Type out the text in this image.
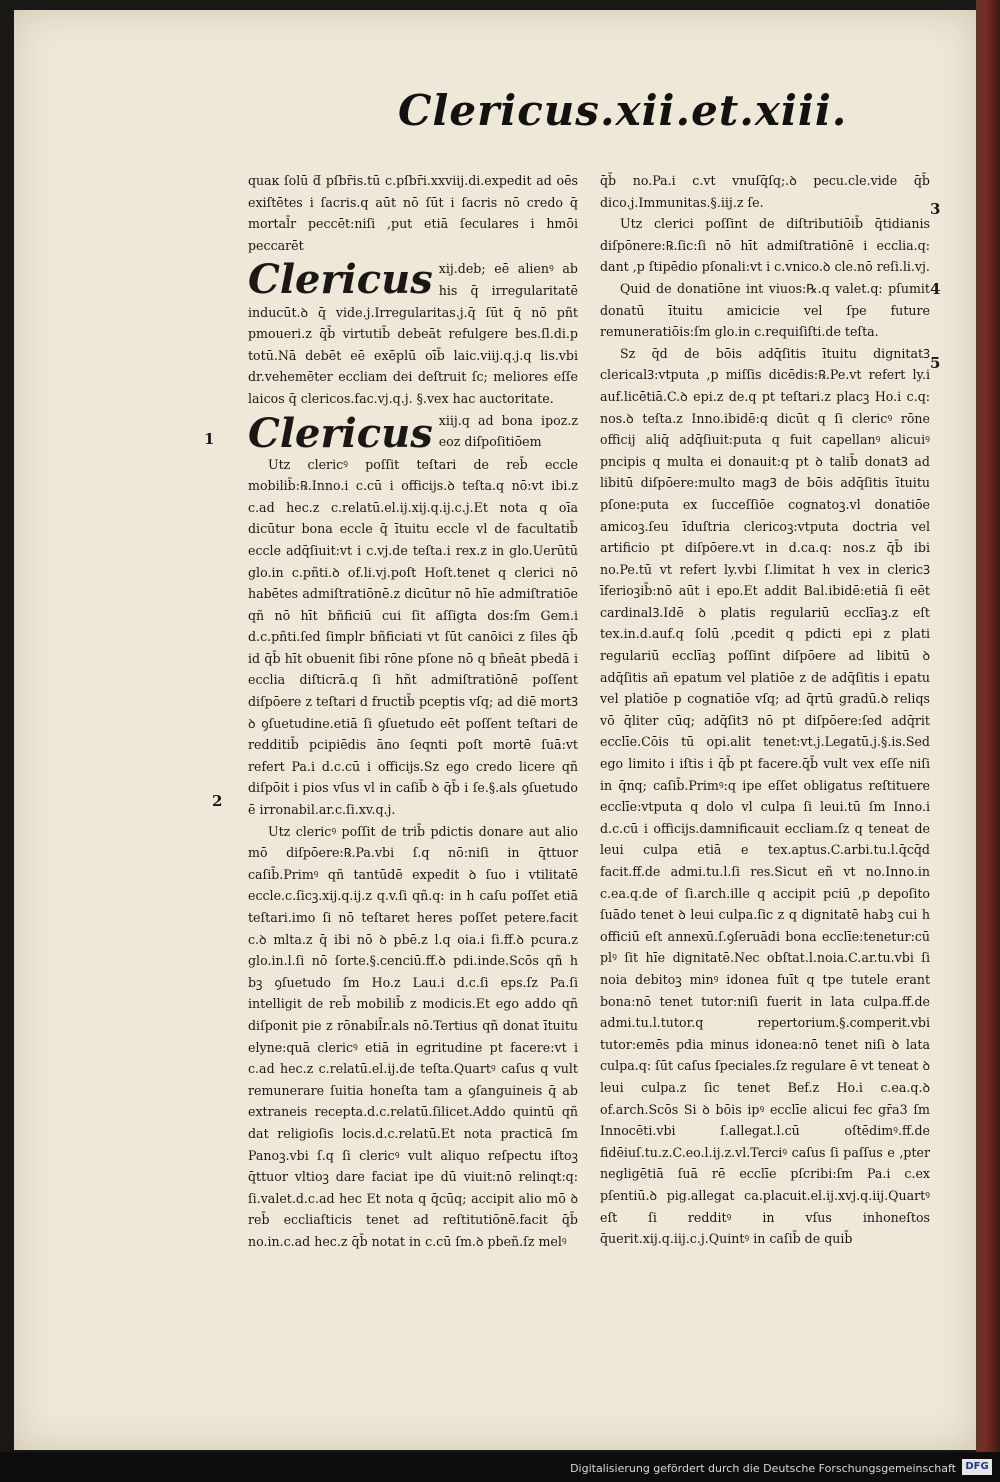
Clericus.xii.et.xiii.

quaĸ ſolū ƌ pſbr̄is.tū c.pſbr̄i.xxviij.di.expedit ad oēs exiſtētes i ſacris.q aūt nō ſūt i ſacris nō credo q̄ mortal̄r peccēt:niſi ,put etiā ſeculares i hmōi peccarēt

Clericus xij.deb; eē alienꝰ ab his q̄ irregularitatē inducūt.ꝺ q̄ vide.j.Irregularitas.j.q̄ ſūt q̄ nō pñt pmoueri.z q̄b̄ virtutib̄ debeāt refulgere bes.ſl.di.p totū.Nā debēt eē exēplū oīb̄ laic.viij.q.j.q lis.vbi dr.vehemēter eccliam dei deſtruit ſc; meliores eſſe laicos q̄ clericos.fac.vj.q.j. §.vex hac auctoritate.

Clericus xiij.q ad bona ipoz.z eoz diſpoſitiōem

Utz clericꝰ poſſit teſtari de reb̄ eccle mobilib̄:℞.Inno.i c.cū i officijs.ꝺ teſta.q nō:vt ibi.z c.ad hec.z c.relatū.el.ij.xij.q.ij.c.j.Et nota q oīa dicūtur bona eccle q̄ ītuitu eccle vl de facultatib̄ eccle adq̄ſiuit:vt i c.vj.de teſta.i rex.z in glo.Uerūtū glo.in c.pñti.ꝺ of.li.vj.poſt Hoſt.tenet q clerici nō habētes admiſtratiōnē.z dicūtur nō hīe admiſtratiōe qñ nō hīt bñficiū cui ſit aſſigta dos:ſm Gem.i d.c.pñti.ſed ſimplr bñficiati vt ſūt canōici z ſiles q̄b̄ id q̄b̄ hīt obuenit ſibi rōne pſone nō q bñeāt pbedā i ecclia diſticrā.q ſi hñt admiſtratiōnē poſſent diſpōere z teſtari d fructib̄ pceptis vſq; ad diē mortꝪ ꝺ ꝯſuetudine.etiā ſi ꝯſuetudo eēt poſſent teſtari de redditib̄ pcipiēdis āno ſeqnti poſt mortē ſuā:vt refert Pa.i d.c.cū i officijs.Sz ego credo licere qñ diſpōit i pios vſus vl in caſib̄ ꝺ q̄b̄ i ſe.§.als ꝯſuetudo ē irronabil.ar.c.ſi.xv.q.j.

Utz clericꝰ poſſit de trib̄ pdictis donare aut alio mō diſpōere:℞.Pa.vbi ſ.q nō:niſi in q̄ttuor caſib̄.Primꝰ qñ tantūdē expedit ꝺ ſuo i vtilitatē eccle.c.ſicꝫ.xij.q.ij.z q.v.ſi qñ.q: in h caſu poſſet etiā teſtari.imo ſi nō teſtaret heres poſſet petere.facit c.ꝺ mlta.z q̄ ibi nō ꝺ pbē.z l.q oia.i ſi.ff.ꝺ pcura.z glo.in.l.ſi nō ſorte.§.cenciū.ff.ꝺ pdi.inde.Scōs qñ h bꝫ ꝯſuetudo ſm Ho.z Lau.i d.c.ſi eps.ſz Pa.ſi intelligit de reb̄ mobilib̄ z modicis.Et ego addo qñ diſponit pie z rōnabil̄r.als nō.Tertius qñ donat ītuitu elyne:quā clericꝰ etiā in egritudine pt facere:vt i c.ad hec.z c.relatū.el.ij.de teſta.Quartꝰ caſus q vult remunerare ſuitia honeſta tam a ꝯſanguineis q̄ ab extraneis recepta.d.c.relatū.ſilicet.Addo quintū qñ dat religioſis locis.d.c.relatū.Et nota practicā ſm Panoꝫ.vbi ſ.q ſi clericꝰ vult aliquo reſpectu iſtoꝫ q̄ttuor vltioꝫ dare faciat ipe dū viuit:nō relinqt:q: ſi.valet.d.c.ad hec Et nota q q̄cūq; accipit alio mō ꝺ reb̄ eccliaſticis tenet ad reſtitutiōnē.facit q̄b̄ no.in.c.ad hec.z q̄b̄ notat in c.cū ſm.ꝺ pbeñ.ſz melꝰ

q̄b̄ no.Pa.i c.vt vnuſq̄ſq;.ꝺ pecu.cle.vide q̄b̄ dico.j.Immunitas.§.iij.z ſe.

Utz clerici poſſint de diſtributiōib̄ q̄tidianis diſpōnere:℞.ſic:ſi nō hīt admiſtratiōnē i ecclia.q: dant ,p ſtipēdio pſonali:vt i c.vnico.ꝺ cle.nō reſi.li.vj.

Quid de donatiōne int viuos:℞.q valet.q: pſumit donatū ītuitu amicicie vel ſpe future remuneratiōis:ſm glo.in c.requiſiſti.de teſta.

Sz q̄d de bōis adq̄ſitis ītuitu dignitatꝪ clericalꝪ:vtputa ,p miſſis dicēdis:℞.Pe.vt refert ly.i auf.licētiā.C.ꝺ epi.z de.q pt teſtari.z placꝫ Ho.i c.q: nos.ꝺ teſta.z Inno.ibidē:q dicūt q ſi clericꝰ rōne officij aliq̄ adq̄ſiuit:puta q fuit capellanꝰ alicuiꝰ pncipis q multa ei donauit:q pt ꝺ talib̄ donatꝪ ad libitū diſpōere:multo magꝪ de bōis adq̄ſitis ītuitu pſone:puta ex ſucceſſiōe cognatoꝫ.vl donatiōe amicoꝫ.ſeu īduſtria clericoꝫ:vtputa doctria vel artificio pt diſpōere.vt in d.ca.q: nos.z q̄b̄ ibi no.Pe.tū vt refert ly.vbi ſ.limitat h vex in clericꝪ īferioꝫib̄:nō aūt i epo.Et addit Bal.ibidē:etiā ſi eēt cardinalꝪ.Idē ꝺ platis regulariū ecclīaꝫ.z eſt tex.in.d.auf.q ſolū ,pcedit q pdicti epi z plati regulariū ecclīaꝫ poſſint diſpōere ad libitū ꝺ adq̄ſitis añ epatum vel platiōe z de adq̄ſitis i epatu vel platiōe p cognatiōe vſq; ad q̄rtū gradū.ꝺ reliqs vō q̄liter cūq; adq̄ſitꝪ nō pt diſpōere:ſed adq̄rit ecclīe.Cōis tū opi.alit tenet:vt.j.Legatū.j.§.is.Sed ego limito i iſtis i q̄b̄ pt facere.q̄b̄ vult vex eſſe niſi in q̄nq; caſib̄.Primꝰ:q ipe eſſet obligatus reſtituere ecclīe:vtputa q dolo vl culpa ſi leui.tū ſm Inno.i d.c.cū i officijs.damnificauit eccliam.ſz q teneat de leui culpa etiā e tex.aptus.C.arbi.tu.l.q̄cq̄d facit.ff.de admi.tu.l.ſi res.Sicut eñ vt no.Inno.in c.ea.q.de of ſi.arch.ille q accipit pciū ,p depoſito ſuādo tenet ꝺ leui culpa.ſic z q dignitatē habꝫ cui h officiū eſt annexū.ſ.ꝯſeruādi bona ecclīe:tenetur:cū plꝰ ſit hīe dignitatē.Nec obſtat.l.noia.C.ar.tu.vbi ſi noia debitoꝫ minꝰ idonea fuīt q tpe tutele erant bona:nō tenet tutor:niſi fuerit in lata culpa.ff.de admi.tu.l.tutor.q repertorium.§.comperit.vbi tutor:emēs pdia minus idonea:nō tenet niſi ꝺ lata culpa.q: ſūt caſus ſpeciales.ſz regulare ē vt teneat ꝺ leui culpa.z ſic tenet Bef.z Ho.i c.ea.q.ꝺ of.arch.Scōs Si ꝺ bōis ipꝰ ecclīe alicui fec gr̄a3 ſm Innocēti.vbi ſ.allegat.l.cū oſtēdimꝰ.ff.de fidēiuſ.tu.z.C.eo.l.ij.z.vl.Terciꝰ caſus ſi paſſus e ,pter negligētiā ſuā rē ecclīe pſcribi:ſm Pa.i c.ex pſentiū.ꝺ pig.allegat ca.placuit.el.ij.xvj.q.iij.Quartꝰ eſt ſi redditꝰ in vſus inhoneſtos q̄uerit.xij.q.iij.c.j.Quintꝰ in caſib̄ de quib̄

1
2
3
4
5
Digitalisierung gefördert durch die Deutsche Forschungsgemeinschaft DFG
